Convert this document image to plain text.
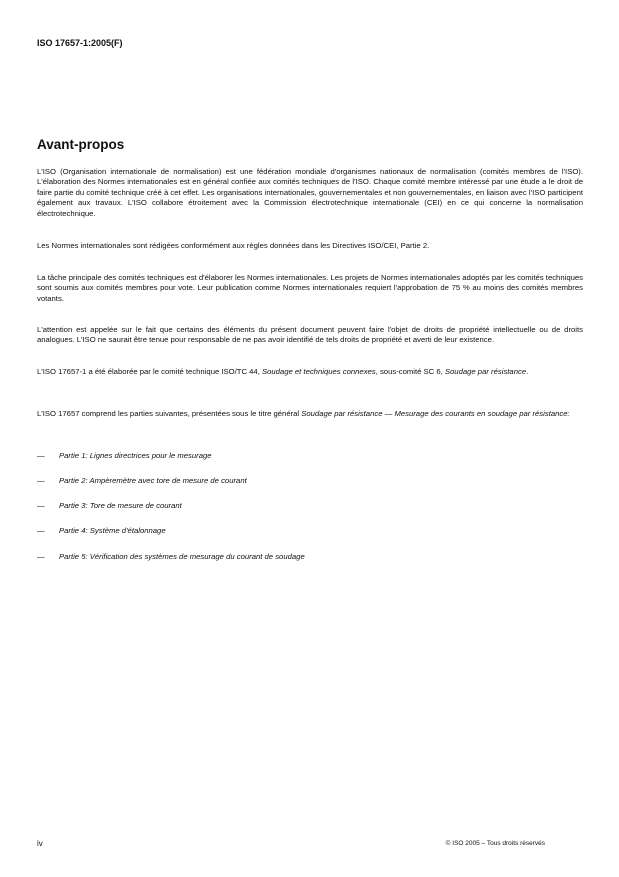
ISO 17657-1:2005(F)
Avant-propos

L'ISO (Organisation internationale de normalisation) est une fédération mondiale d'organismes nationaux de normalisation (comités membres de l'ISO). L'élaboration des Normes internationales est en général confiée aux comités techniques de l'ISO. Chaque comité membre intéressé par une étude a le droit de faire partie du comité technique créé à cet effet. Les organisations internationales, gouvernementales et non gouvernementales, en liaison avec l'ISO participent également aux travaux. L'ISO collabore étroitement avec la Commission électrotechnique internationale (CEI) en ce qui concerne la normalisation électrotechnique.

Les Normes internationales sont rédigées conformément aux règles données dans les Directives ISO/CEI, Partie 2.

La tâche principale des comités techniques est d'élaborer les Normes internationales. Les projets de Normes internationales adoptés par les comités techniques sont soumis aux comités membres pour vote. Leur publication comme Normes internationales requiert l'approbation de 75 % au moins des comités membres votants.

L'attention est appelée sur le fait que certains des éléments du présent document peuvent faire l'objet de droits de propriété intellectuelle ou de droits analogues. L'ISO ne saurait être tenue pour responsable de ne pas avoir identifié de tels droits de propriété et averti de leur existence.

L'ISO 17657-1 a été élaborée par le comité technique ISO/TC 44, Soudage et techniques connexes, sous-comité SC 6, Soudage par résistance.

L'ISO 17657 comprend les parties suivantes, présentées sous le titre général Soudage par résistance — Mesurage des courants en soudage par résistance:

— Partie 1: Lignes directrices pour le mesurage
— Partie 2: Ampèremètre avec tore de mesure de courant
— Partie 3: Tore de mesure de courant
— Partie 4: Système d'étalonnage
— Partie 5: Vérification des systèmes de mesurage du courant de soudage
iv	© ISO 2005 – Tous droits réservés
